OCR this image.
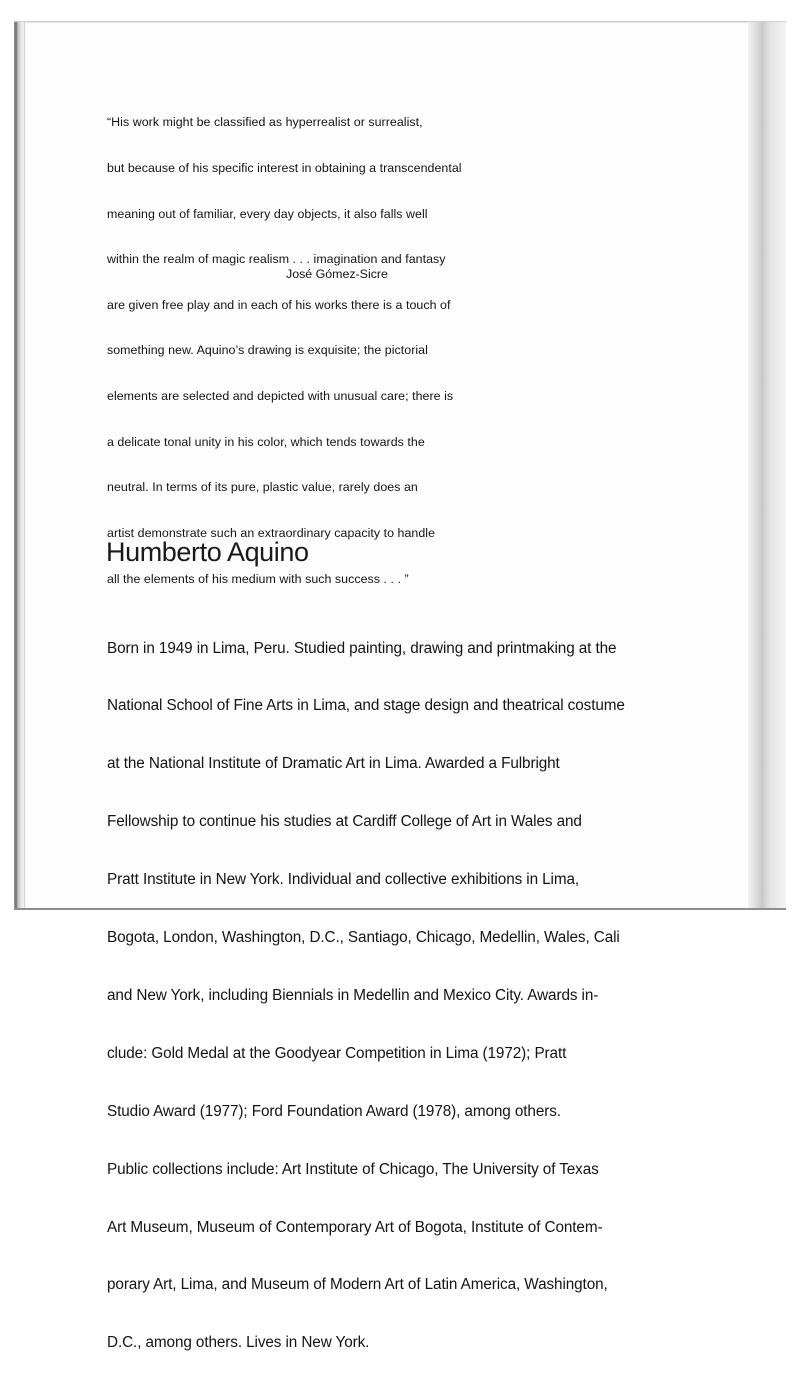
“His work might be classified as hyperrealist or surrealist,

but because of his specific interest in obtaining a transcendental

meaning out of familiar, every day objects, it also falls well

within the realm of magic realism . . . imagination and fantasy

are given free play and in each of his works there is a touch of

something new. Aquino’s drawing is exquisite; the pictorial

elements are selected and depicted with unusual care; there is

a delicate tonal unity in his color, which tends towards the

neutral. In terms of its pure, plastic value, rarely does an

artist demonstrate such an extraordinary capacity to handle

all the elements of his medium with such success . . . ”

José Gómez-Sicre
Humberto Aquino

Born in 1949 in Lima, Peru. Studied painting, drawing and printmaking at the

National School of Fine Arts in Lima, and stage design and theatrical costume

at the National Institute of Dramatic Art in Lima. Awarded a Fulbright

Fellowship to continue his studies at Cardiff College of Art in Wales and

Pratt Institute in New York. Individual and collective exhibitions in Lima,

Bogota, London, Washington, D.C., Santiago, Chicago, Medellin, Wales, Cali

and New York, including Biennials in Medellin and Mexico City. Awards in-

clude: Gold Medal at the Goodyear Competition in Lima (1972); Pratt

Studio Award (1977); Ford Foundation Award (1978), among others.

Public collections include: Art Institute of Chicago, The University of Texas

Art Museum, Museum of Contemporary Art of Bogota, Institute of Contem-

porary Art, Lima, and Museum of Modern Art of Latin America, Washington,

D.C., among others. Lives in New York.
